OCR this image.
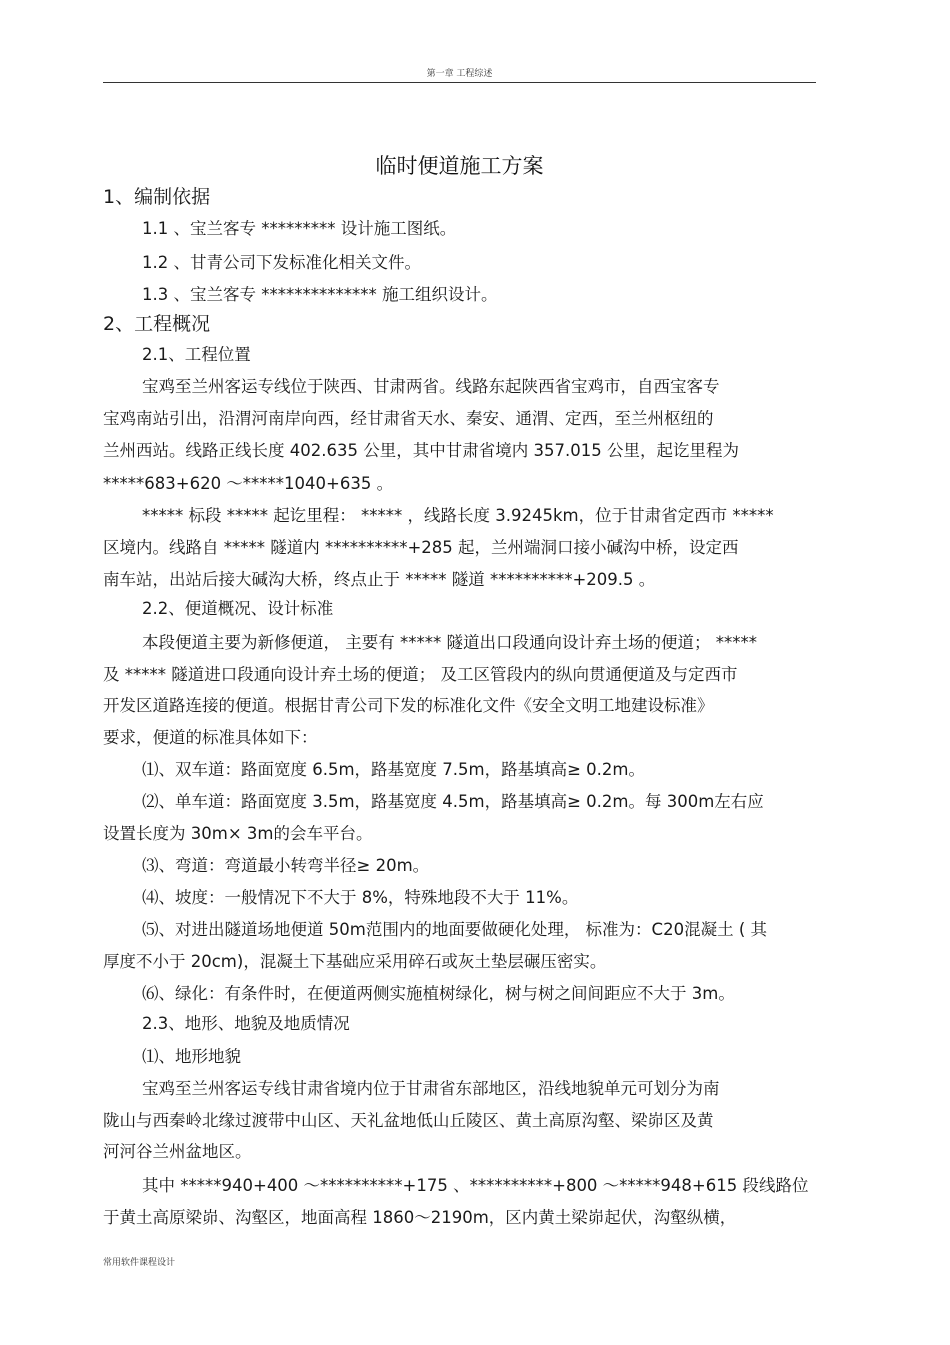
第一章 工程综述
临时便道施工方案
1、编制依据
1.1 、宝兰客专 ********* 设计施工图纸。
1.2 、甘青公司下发标准化相关文件。
1.3 、宝兰客专 ************** 施工组织设计。
2、工程概况
2.1、工程位置
宝鸡至兰州客运专线位于陕西、甘肃两省。线路东起陕西省宝鸡市，自西宝客专
宝鸡南站引出，沿渭河南岸向西，经甘肃省天水、秦安、通渭、定西，至兰州枢纽的
兰州西站。线路正线长度 402.635 公里，其中甘肃省境内 357.015 公里，起讫里程为
*****683+620 ～*****1040+635 。
***** 标段 ***** 起讫里程： ***** ，线路长度 3.9245km，位于甘肃省定西市 *****
区境内。线路自 ***** 隧道内 **********+285 起，兰州端洞口接小碱沟中桥，设定西
南车站，出站后接大碱沟大桥，终点止于 ***** 隧道 **********+209.5 。
2.2、便道概况、设计标准
本段便道主要为新修便道， 主要有 ***** 隧道出口段通向设计弃土场的便道； *****
及 ***** 隧道进口段通向设计弃土场的便道； 及工区管段内的纵向贯通便道及与定西市
开发区道路连接的便道。根据甘青公司下发的标准化文件《安全文明工地建设标准》
要求，便道的标准具体如下：
⑴、双车道：路面宽度 6.5m，路基宽度 7.5m，路基填高≥ 0.2m。
⑵、单车道：路面宽度 3.5m，路基宽度 4.5m，路基填高≥ 0.2m。每 300m左右应
设置长度为 30m× 3m的会车平台。
⑶、弯道：弯道最小转弯半径≥ 20m。
⑷、坡度：一般情况下不大于 8%，特殊地段不大于 11%。
⑸、对进出隧道场地便道 50m范围内的地面要做硬化处理， 标准为：C20混凝土 ( 其
厚度不小于 20cm)，混凝土下基础应采用碎石或灰土垫层碾压密实。
⑹、绿化：有条件时，在便道两侧实施植树绿化，树与树之间间距应不大于 3m。
2.3、地形、地貌及地质情况
⑴、地形地貌
宝鸡至兰州客运专线甘肃省境内位于甘肃省东部地区，沿线地貌单元可划分为南
陇山与西秦岭北缘过渡带中山区、天礼盆地低山丘陵区、黄土高原沟壑、梁峁区及黄
河河谷兰州盆地区。
其中 *****940+400 ～**********+175 、**********+800 ～*****948+615 段线路位
于黄土高原梁峁、沟壑区，地面高程 1860～2190m，区内黄土梁峁起伏，沟壑纵横，
常用软件课程设计
